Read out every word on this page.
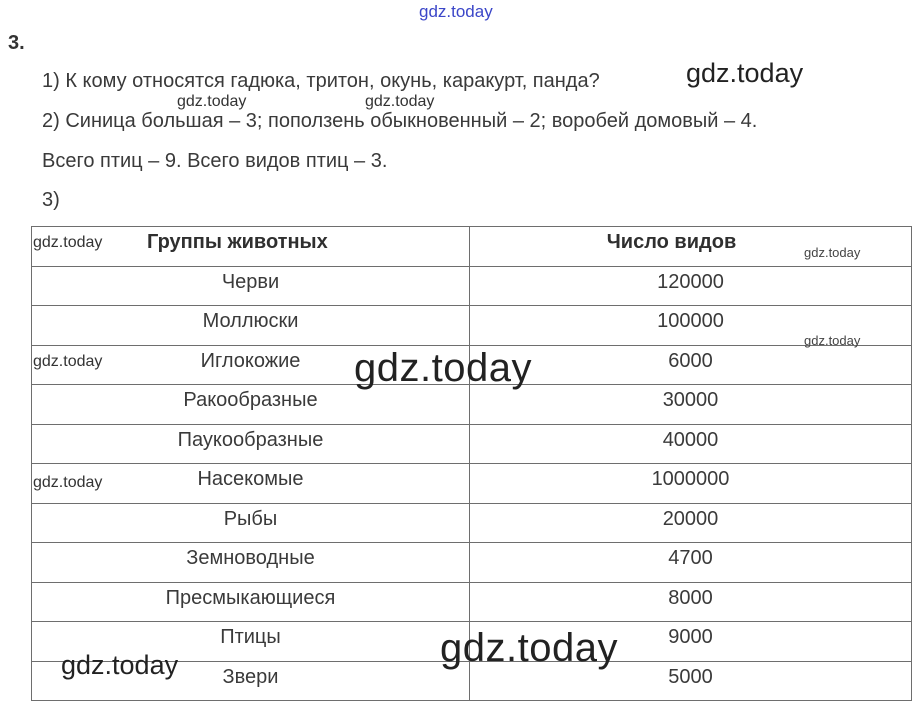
gdz.today
3.
1) К кому относятся гадюка, тритон, окунь, каракурт, панда?	gdz.today
gdz.today	gdz.today
2) Синица большая – 3; поползень обыкновенный – 2; воробей домовый – 4.
Всего птиц – 9. Всего видов птиц – 3.
3)
Группы животных	Число видов
Черви	120000
Моллюски	100000
Иглокожие	6000
Ракообразные	30000
Паукообразные	40000
Насекомые	1000000
Рыбы	20000
Земноводные	4700
Пресмыкающиеся	8000
Птицы	9000
Звери	5000
gdz.today
gdz.today
gdz.today
gdz.today	gdz.today
gdz.today
gdz.today	gdz.today
